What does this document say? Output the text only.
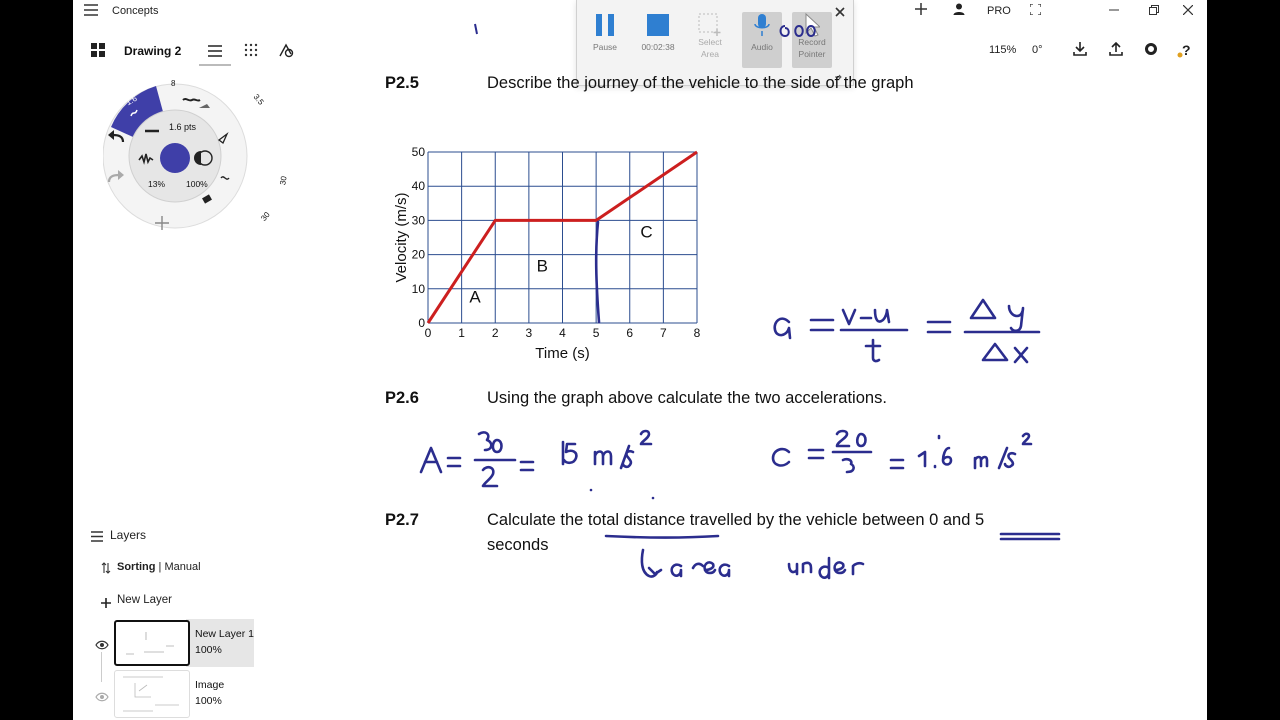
Concepts	PRO
Drawing 2	115% 0°	?
8
3.5
30
30
1.6
1.6 pts
13% 100%
Pause	00:02:38	Select Area
Audio	Record Pointer
P2.5	Describe the journey of the vehicle to the side of the graph
P2.6	Using the graph above calculate the two accelerations.
P2.7	Calculate the total distance travelled by the vehicle between 0 and 5
seconds
0 1 2 3 4 5 6 7 8
0
10
20
30
40
50
Time (s)
Velocity (m/s)
A
B
C
Layers
Sorting | Manual
New Layer
New Layer 1
100%
Image
100%
